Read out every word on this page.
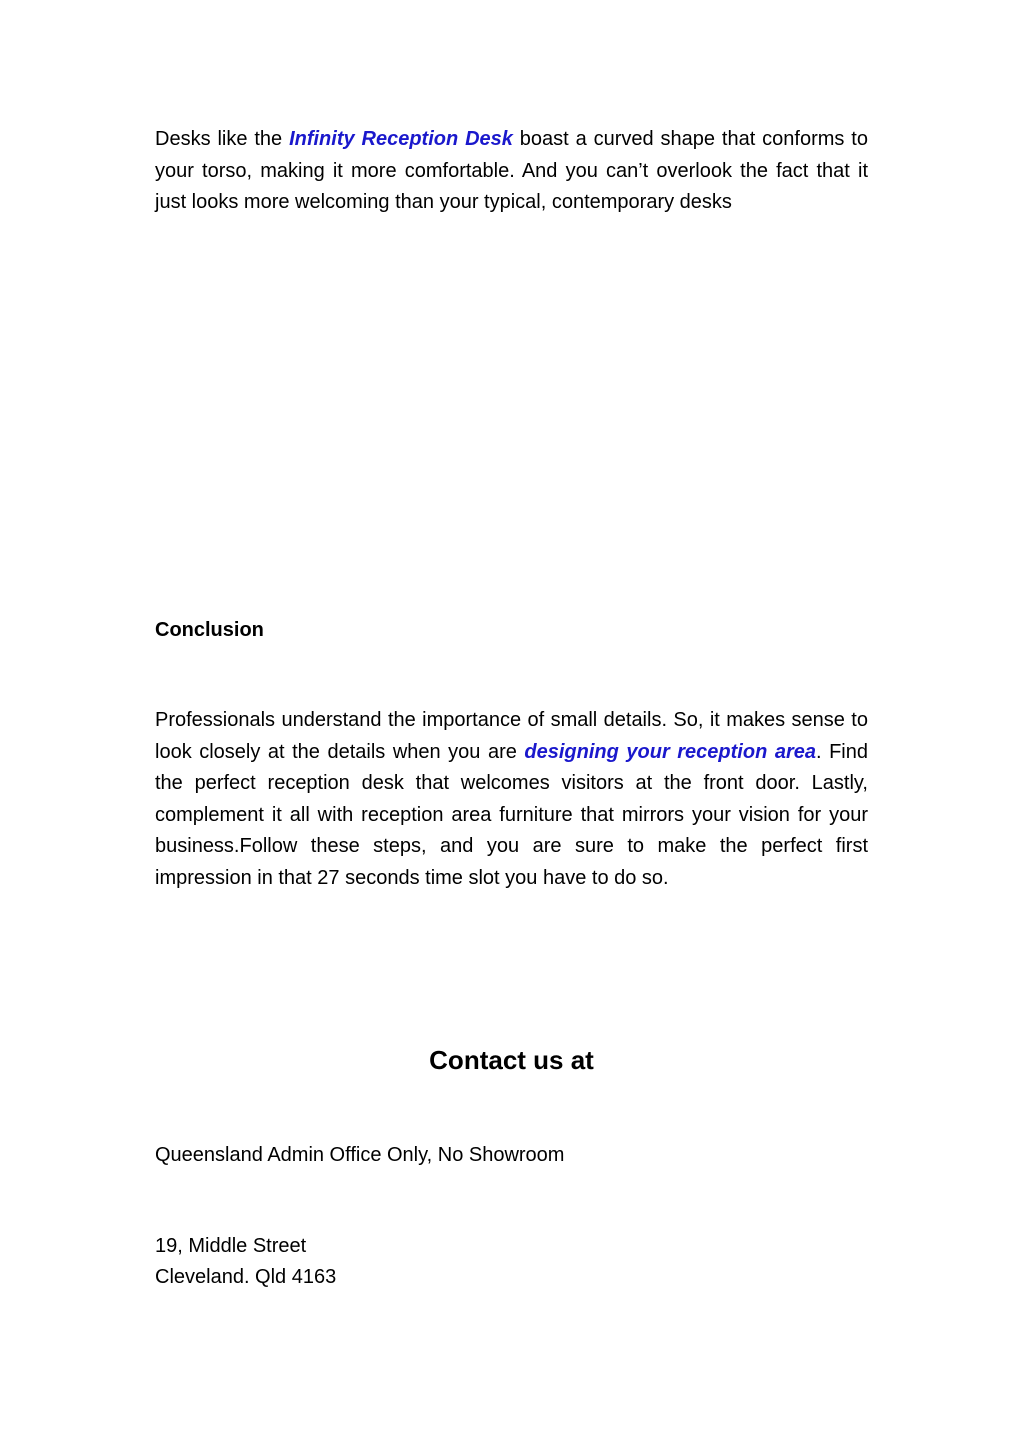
Desks like the Infinity Reception Desk boast a curved shape that conforms to your torso, making it more comfortable. And you can’t overlook the fact that it just looks more welcoming than your typical, contemporary desks

Conclusion

Professionals understand the importance of small details. So, it makes sense to look closely at the details when you are designing your reception area. Find the perfect reception desk that welcomes visitors at the front door. Lastly, complement it all with reception area furniture that mirrors your vision for your business.Follow these steps, and you are sure to make the perfect first impression in that 27 seconds time slot you have to do so.

Contact us at

Queensland Admin Office Only, No Showroom

19, Middle Street

Cleveland. Qld 4163
